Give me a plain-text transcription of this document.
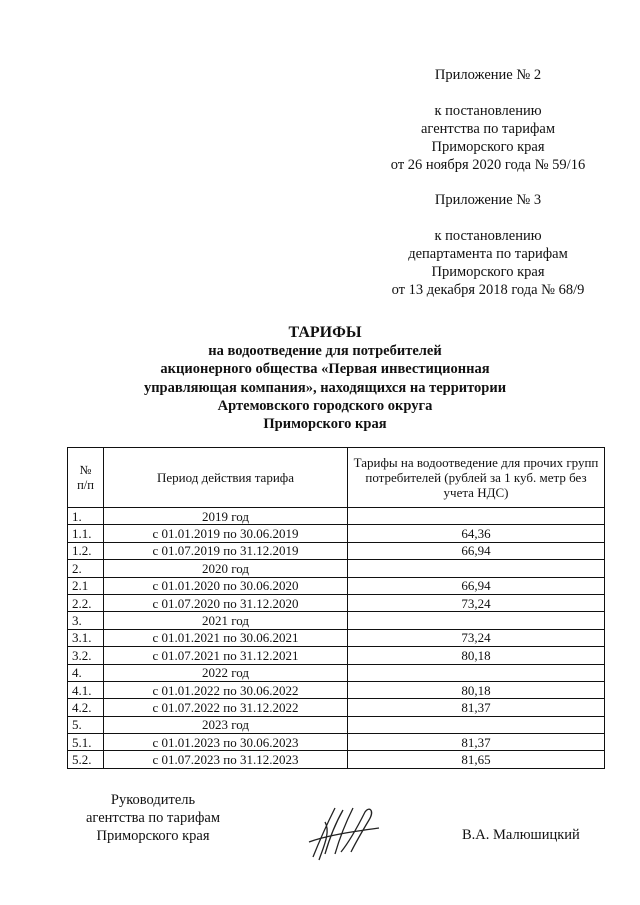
Приложение № 2
к постановлению
агентства по тарифам
Приморского края
от 26 ноября 2020 года № 59/16
Приложение № 3
к постановлению
департамента по тарифам
Приморского края
от 13 декабря 2018 года № 68/9
ТАРИФЫ
на водоотведение для потребителей
акционерного общества «Первая инвестиционная
управляющая компания», находящихся на территории
Артемовского городского округа
Приморского края
№
п/п	Период действия тарифа	Тарифы на водоотведение для прочих групп потребителей (рублей за 1 куб. метр без учета НДС)
1.	2019 год	
1.1.	с 01.01.2019 по 30.06.2019	64,36
1.2.	с 01.07.2019 по 31.12.2019	66,94
2.	2020 год	
2.1	с 01.01.2020 по 30.06.2020	66,94
2.2.	с 01.07.2020 по 31.12.2020	73,24
3.	2021 год	
3.1.	с 01.01.2021 по 30.06.2021	73,24
3.2.	с 01.07.2021 по 31.12.2021	80,18
4.	2022 год	
4.1.	с 01.01.2022 по 30.06.2022	80,18
4.2.	с 01.07.2022 по 31.12.2022	81,37
5.	2023 год	
5.1.	с 01.01.2023 по 30.06.2023	81,37
5.2.	с 01.07.2023 по 31.12.2023	81,65
Руководитель
агентства по тарифам
Приморского края	В.А. Малюшицкий
